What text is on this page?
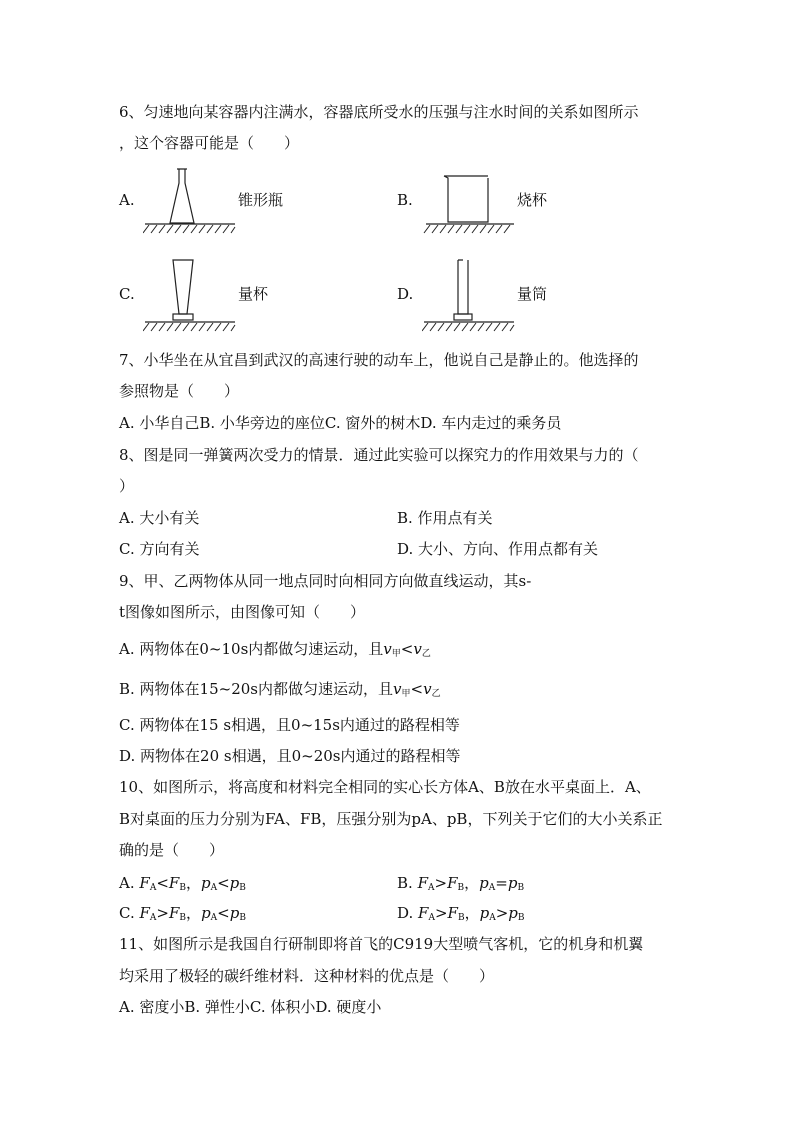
6、匀速地向某容器内注满水，容器底所受水的压强与注水时间的关系如图所示
，这个容器可能是（　　）
A.	锥形瓶	B.	烧杯
C.	量杯	D.	量筒
7、小华坐在从宜昌到武汉的高速行驶的动车上，他说自己是静止的。他选择的
参照物是（　　）
A. 小华自己B. 小华旁边的座位C. 窗外的树木D. 车内走过的乘务员
8、图是同一弹簧两次受力的情景．通过此实验可以探究力的作用效果与力的（
）
A. 大小有关	B. 作用点有关
C. 方向有关	D. 大小、方向、作用点都有关
9、甲、乙两物体从同一地点同时向相同方向做直线运动，其s-
t图像如图所示，由图像可知（　　）
A. 两物体在0~10s内都做匀速运动，且$v_甲<v_乙$
B. 两物体在15~20s内都做匀速运动，且$v_甲<v_乙$
C. 两物体在15 s相遇，且0~15s内通过的路程相等
D. 两物体在20 s相遇，且0~20s内通过的路程相等
10、如图所示，将高度和材料完全相同的实心长方体A、B放在水平桌面上．A、
B对桌面的压力分别为FA、FB，压强分别为pA、pB，下列关于它们的大小关系正
确的是（　　）
A. $F_A<F_B$，$p_A<p_B$	B. $F_A>F_B$，$p_A=p_B$
C. $F_A>F_B$，$p_A<p_B$	D. $F_A>F_B$，$p_A>p_B$
11、如图所示是我国自行研制即将首飞的C919大型喷气客机，它的机身和机翼
均采用了极轻的碳纤维材料．这种材料的优点是（　　）
A. 密度小B. 弹性小C. 体积小D. 硬度小
